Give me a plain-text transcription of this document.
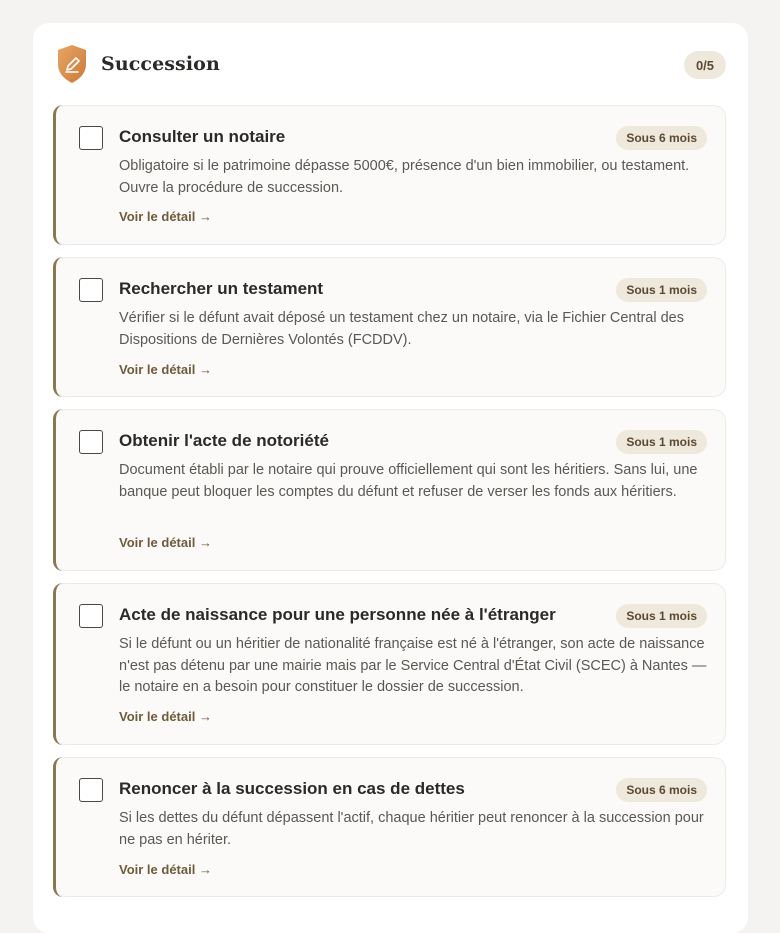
Succession	0/5
Consulter un notaire	Sous 6 mois
Obligatoire si le patrimoine dépasse 5000€, présence d'un bien immobilier, ou testament. Ouvre la procédure de succession.
Voir le détail →
Rechercher un testament	Sous 1 mois
Vérifier si le défunt avait déposé un testament chez un notaire, via le Fichier Central des Dispositions de Dernières Volontés (FCDDV).
Voir le détail →
Obtenir l'acte de notoriété	Sous 1 mois
Document établi par le notaire qui prouve officiellement qui sont les héritiers. Sans lui, une banque peut bloquer les comptes du défunt et refuser de verser les fonds aux héritiers.
Voir le détail →
Acte de naissance pour une personne née à l'étranger	Sous 1 mois
Si le défunt ou un héritier de nationalité française est né à l'étranger, son acte de naissance n'est pas détenu par une mairie mais par le Service Central d'État Civil (SCEC) à Nantes — le notaire en a besoin pour constituer le dossier de succession.
Voir le détail →
Renoncer à la succession en cas de dettes	Sous 6 mois
Si les dettes du défunt dépassent l'actif, chaque héritier peut renoncer à la succession pour ne pas en hériter.
Voir le détail →
